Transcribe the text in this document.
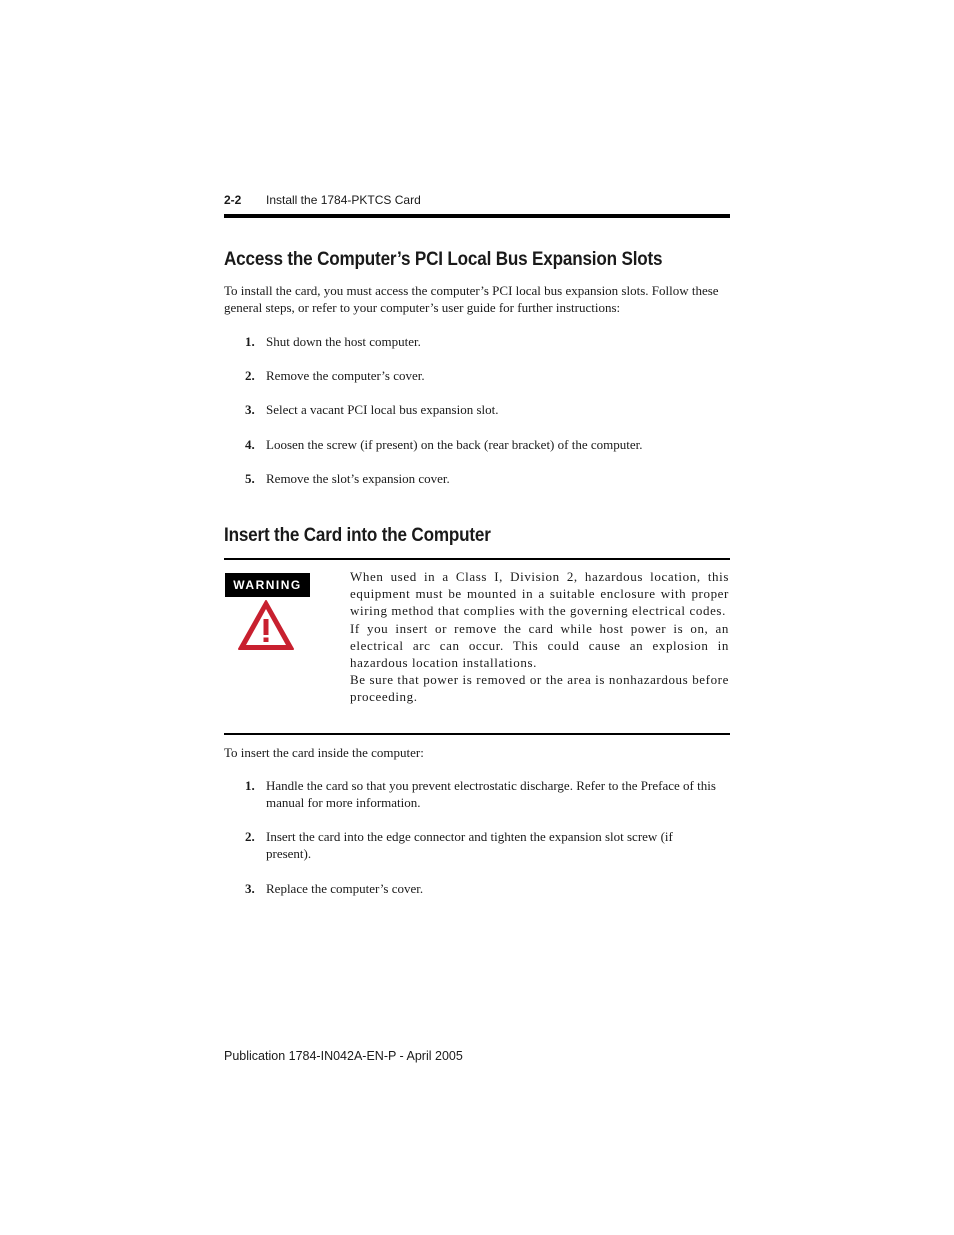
2-2 Install the 1784-PKTCS Card
Access the Computer’s PCI Local Bus Expansion Slots
To install the card, you must access the computer’s PCI local bus expansion slots. Follow these general steps, or refer to your computer’s user guide for further instructions:
1. Shut down the host computer.
2. Remove the computer’s cover.
3. Select a vacant PCI local bus expansion slot.
4. Loosen the screw (if present) on the back (rear bracket) of the computer.
5. Remove the slot’s expansion cover.
Insert the Card into the Computer
WARNING

When used in a Class I, Division 2, hazardous location, this equipment must be mounted in a suitable enclosure with proper wiring method that complies with the governing electrical codes.

If you insert or remove the card while host power is on, an electrical arc can occur. This could cause an explosion in hazardous location installations.

Be sure that power is removed or the area is nonhazardous before proceeding.

To insert the card inside the computer:
1. Handle the card so that you prevent electrostatic discharge. Refer to the Preface of this manual for more information.
2. Insert the card into the edge connector and tighten the expansion slot screw (if present).
3. Replace the computer’s cover.
Publication 1784-IN042A-EN-P - April 2005
